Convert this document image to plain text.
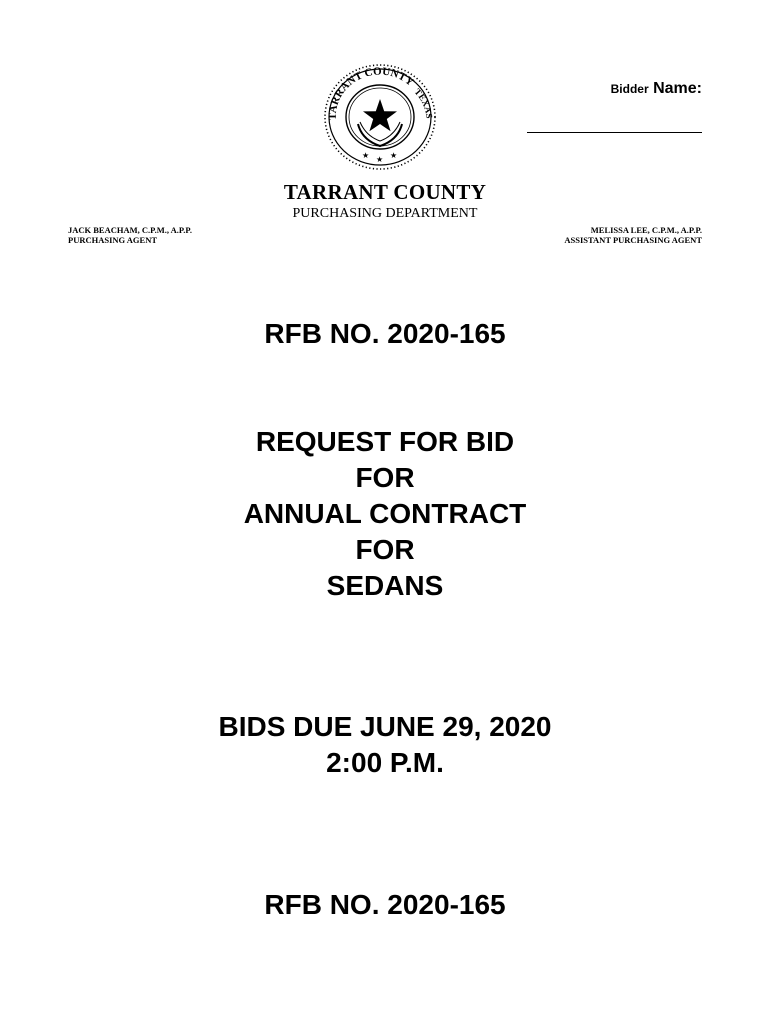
TARRANT COUNTY
TEXAS
★ ★ ★
Bidder Name:
TARRANT COUNTY
PURCHASING DEPARTMENT
JACK BEACHAM, C.P.M., A.P.P.
PURCHASING AGENT
MELISSA LEE, C.P.M., A.P.P.
ASSISTANT PURCHASING AGENT
RFB NO. 2020-165
REQUEST FOR BID
FOR
ANNUAL CONTRACT
FOR
SEDANS
BIDS DUE JUNE 29, 2020
2:00 P.M.
RFB NO. 2020-165
